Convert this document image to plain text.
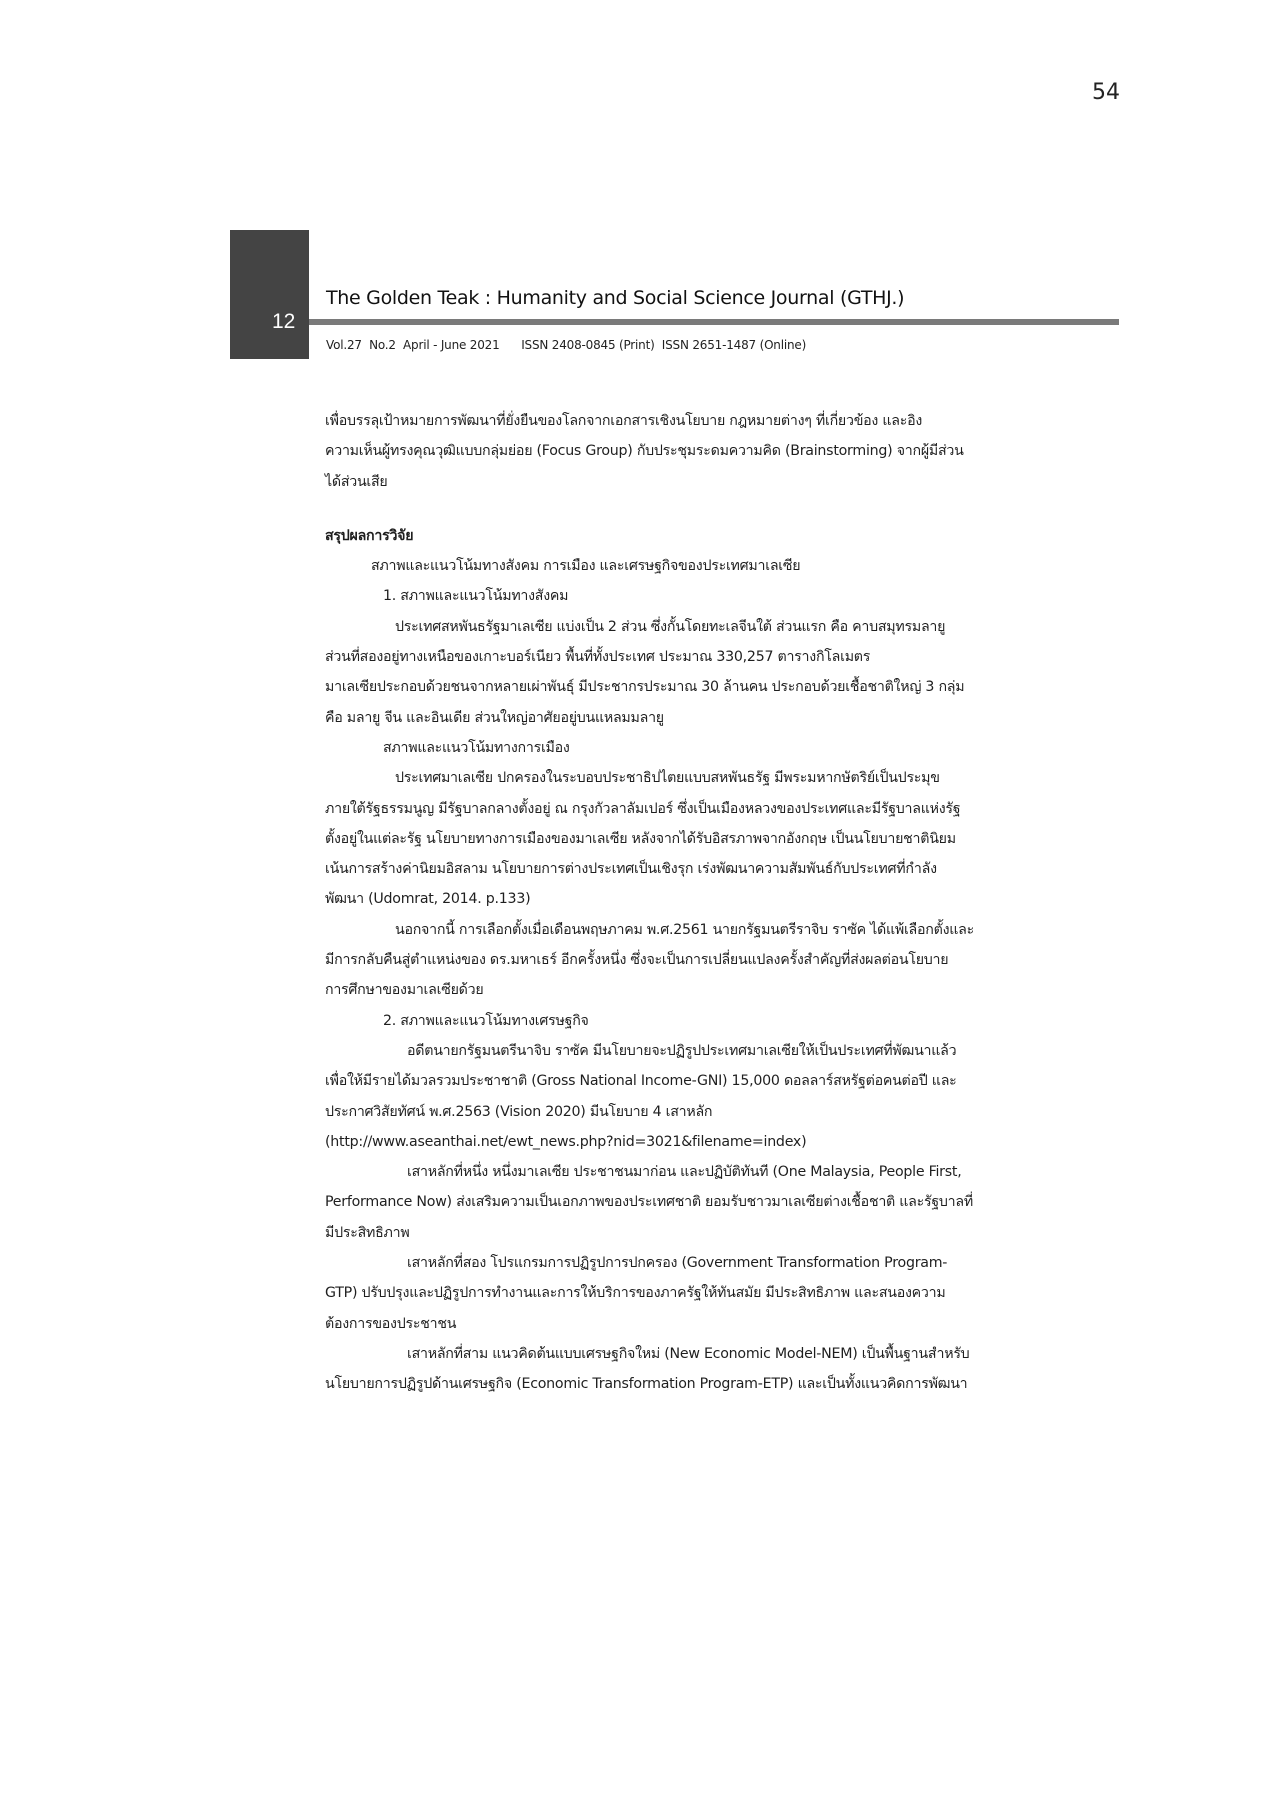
54
12
The Golden Teak : Humanity and Social Science Journal (GTHJ.)
Vol.27  No.2  April - June 2021      ISSN 2408-0845 (Print)  ISSN 2651-1487 (Online)
เพื่อบรรลุเป้าหมายการพัฒนาที่ยั่งยืนของโลกจากเอกสารเชิงนโยบาย กฎหมายต่างๆ ที่เกี่ยวข้อง และอิง
ความเห็นผู้ทรงคุณวุฒิแบบกลุ่มย่อย (Focus Group) กับประชุมระดมความคิด (Brainstorming) จากผู้มีส่วน
ได้ส่วนเสีย
สรุปผลการวิจัย
สภาพและแนวโน้มทางสังคม การเมือง และเศรษฐกิจของประเทศมาเลเซีย
1. สภาพและแนวโน้มทางสังคม
ประเทศสหพันธรัฐมาเลเซีย แบ่งเป็น 2 ส่วน ซึ่งกั้นโดยทะเลจีนใต้ ส่วนแรก คือ คาบสมุทรมลายู
ส่วนที่สองอยู่ทางเหนือของเกาะบอร์เนียว พื้นที่ทั้งประเทศ ประมาณ 330,257 ตารางกิโลเมตร
มาเลเซียประกอบด้วยชนจากหลายเผ่าพันธุ์ มีประชากรประมาณ 30 ล้านคน ประกอบด้วยเชื้อชาติใหญ่ 3 กลุ่ม
คือ มลายู จีน และอินเดีย ส่วนใหญ่อาศัยอยู่บนแหลมมลายู
สภาพและแนวโน้มทางการเมือง
ประเทศมาเลเซีย ปกครองในระบอบประชาธิปไตยแบบสหพันธรัฐ มีพระมหากษัตริย์เป็นประมุข
ภายใต้รัฐธรรมนูญ มีรัฐบาลกลางตั้งอยู่ ณ กรุงกัวลาลัมเปอร์ ซึ่งเป็นเมืองหลวงของประเทศและมีรัฐบาลแห่งรัฐ
ตั้งอยู่ในแต่ละรัฐ นโยบายทางการเมืองของมาเลเซีย หลังจากได้รับอิสรภาพจากอังกฤษ เป็นนโยบายชาตินิยม
เน้นการสร้างค่านิยมอิสลาม นโยบายการต่างประเทศเป็นเชิงรุก เร่งพัฒนาความสัมพันธ์กับประเทศที่กำลัง
พัฒนา (Udomrat, 2014. p.133)
นอกจากนี้ การเลือกตั้งเมื่อเดือนพฤษภาคม พ.ศ.2561 นายกรัฐมนตรีราจิบ ราซัค ได้แพ้เลือกตั้งและ
มีการกลับคืนสู่ตำแหน่งของ ดร.มหาเธร์ อีกครั้งหนึ่ง ซึ่งจะเป็นการเปลี่ยนแปลงครั้งสำคัญที่ส่งผลต่อนโยบาย
การศึกษาของมาเลเซียด้วย
2. สภาพและแนวโน้มทางเศรษฐกิจ
อดีตนายกรัฐมนตรีนาจิบ ราซัค มีนโยบายจะปฏิรูปประเทศมาเลเซียให้เป็นประเทศที่พัฒนาแล้ว
เพื่อให้มีรายได้มวลรวมประชาชาติ (Gross National Income-GNI) 15,000 ดอลลาร์สหรัฐต่อคนต่อปี และ
ประกาศวิสัยทัศน์ พ.ศ.2563 (Vision 2020) มีนโยบาย 4 เสาหลัก
(http://www.aseanthai.net/ewt_news.php?nid=3021&filename=index)
เสาหลักที่หนึ่ง หนึ่งมาเลเซีย ประชาชนมาก่อน และปฏิบัติทันที (One Malaysia, People First,
Performance Now) ส่งเสริมความเป็นเอกภาพของประเทศชาติ ยอมรับชาวมาเลเซียต่างเชื้อชาติ และรัฐบาลที่
มีประสิทธิภาพ
เสาหลักที่สอง โปรแกรมการปฏิรูปการปกครอง (Government Transformation Program-
GTP) ปรับปรุงและปฏิรูปการทำงานและการให้บริการของภาครัฐให้ทันสมัย มีประสิทธิภาพ และสนองความ
ต้องการของประชาชน
เสาหลักที่สาม แนวคิดต้นแบบเศรษฐกิจใหม่ (New Economic Model-NEM) เป็นพื้นฐานสำหรับ
นโยบายการปฏิรูปด้านเศรษฐกิจ (Economic Transformation Program-ETP) และเป็นทั้งแนวคิดการพัฒนา
